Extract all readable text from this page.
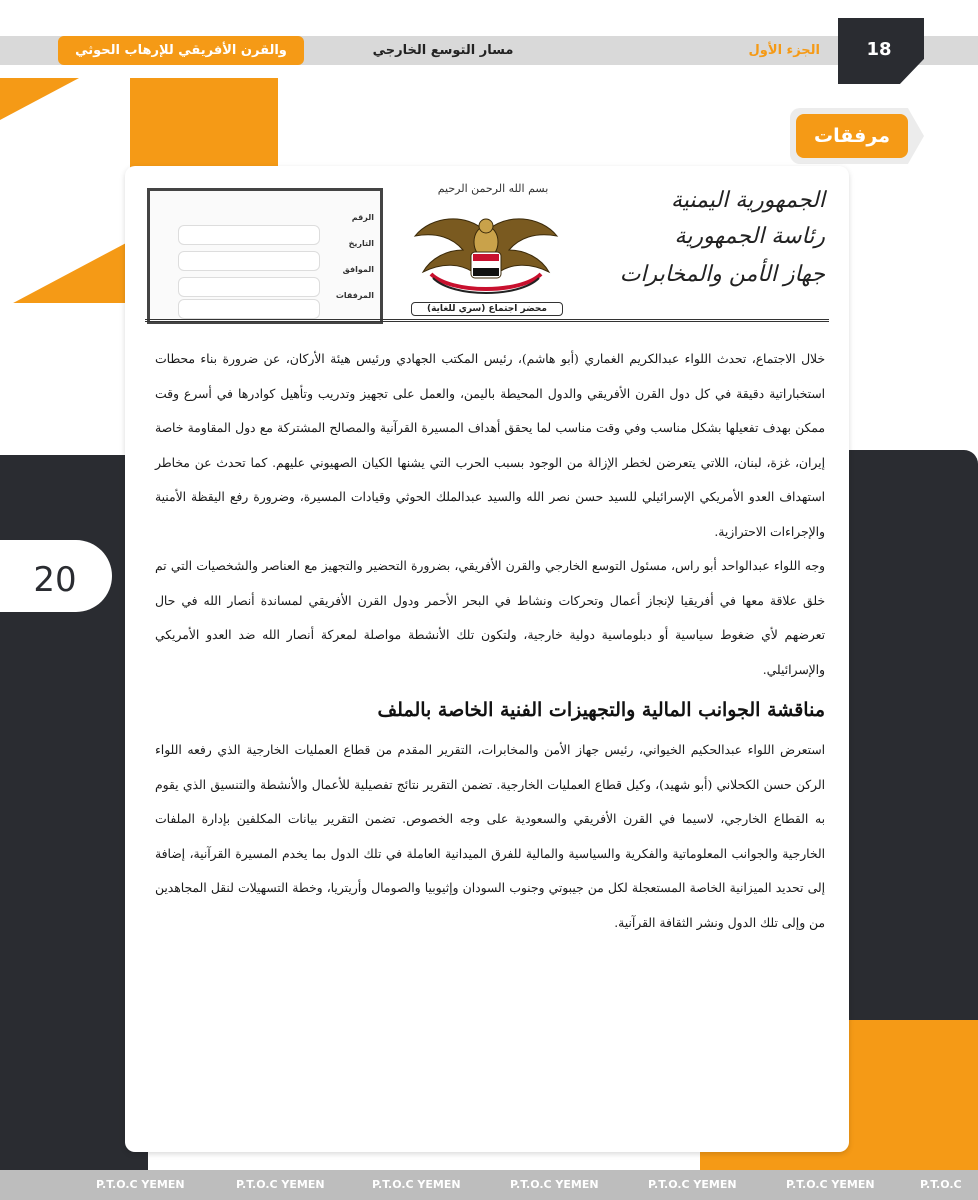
20
والقرن الأفريقي للإرهاب الحوثي	مسار التوسع الخارجي	الجزء الأول	18
مرفقات
الجمهورية اليمنية
رئاسة الجمهورية
جهاز الأمن والمخابرات
بسم الله الرحمن الرحيم
محضر اجتماع (سري للغاية)
الرقم
التاريخ
الموافق
المرفقات

خلال الاجتماع، تحدث اللواء عبدالكريم الغماري (أبو هاشم)، رئيس المكتب الجهادي ورئيس هيئة الأركان، عن ضرورة بناء محطات استخباراتية دقيقة في كل دول القرن الأفريقي والدول المحيطة باليمن، والعمل على تجهيز وتدريب وتأهيل كوادرها في أسرع وقت ممكن بهدف تفعيلها بشكل مناسب وفي وقت مناسب لما يحقق أهداف المسيرة القرآنية والمصالح المشتركة مع دول المقاومة خاصة إيران، غزة، لبنان، اللاتي يتعرضن لخطر الإزالة من الوجود بسبب الحرب التي يشنها الكيان الصهيوني عليهم. كما تحدث عن مخاطر استهداف العدو الأمريكي الإسرائيلي للسيد حسن نصر الله والسيد عبدالملك الحوثي وقيادات المسيرة، وضرورة رفع اليقظة الأمنية والإجراءات الاحترازية.

وجه اللواء عبدالواحد أبو راس، مسئول التوسع الخارجي والقرن الأفريقي، بضرورة التحضير والتجهيز مع العناصر والشخصيات التي تم خلق علاقة معها في أفريقيا لإنجاز أعمال وتحركات ونشاط في البحر الأحمر ودول القرن الأفريقي لمساندة أنصار الله في حال تعرضهم لأي ضغوط سياسية أو دبلوماسية دولية خارجية، ولتكون تلك الأنشطة مواصلة لمعركة أنصار الله ضد العدو الأمريكي والإسرائيلي.

مناقشة الجوانب المالية والتجهيزات الفنية الخاصة بالملف

استعرض اللواء عبدالحكيم الخيواني، رئيس جهاز الأمن والمخابرات، التقرير المقدم من قطاع العمليات الخارجية الذي رفعه اللواء الركن حسن الكحلاني (أبو شهيد)، وكيل قطاع العمليات الخارجية. تضمن التقرير نتائج تفصيلية للأعمال والأنشطة والتنسيق الذي يقوم به القطاع الخارجي، لاسيما في القرن الأفريقي والسعودية على وجه الخصوص. تضمن التقرير بيانات المكلفين بإدارة الملفات الخارجية والجوانب المعلوماتية والفكرية والسياسية والمالية للفرق الميدانية العاملة في تلك الدول بما يخدم المسيرة القرآنية، إضافة إلى تحديد الميزانية الخاصة المستعجلة لكل من جيبوتي وجنوب السودان وإثيوبيا والصومال وأريتريا، وخطة التسهيلات لنقل المجاهدين من وإلى تلك الدول ونشر الثقافة القرآنية.

P.T.O.C YEMEN	P.T.O.C YEMEN	P.T.O.C YEMEN	P.T.O.C YEMEN	P.T.O.C YEMEN	P.T.O.C YEMEN	P.T.O.C
